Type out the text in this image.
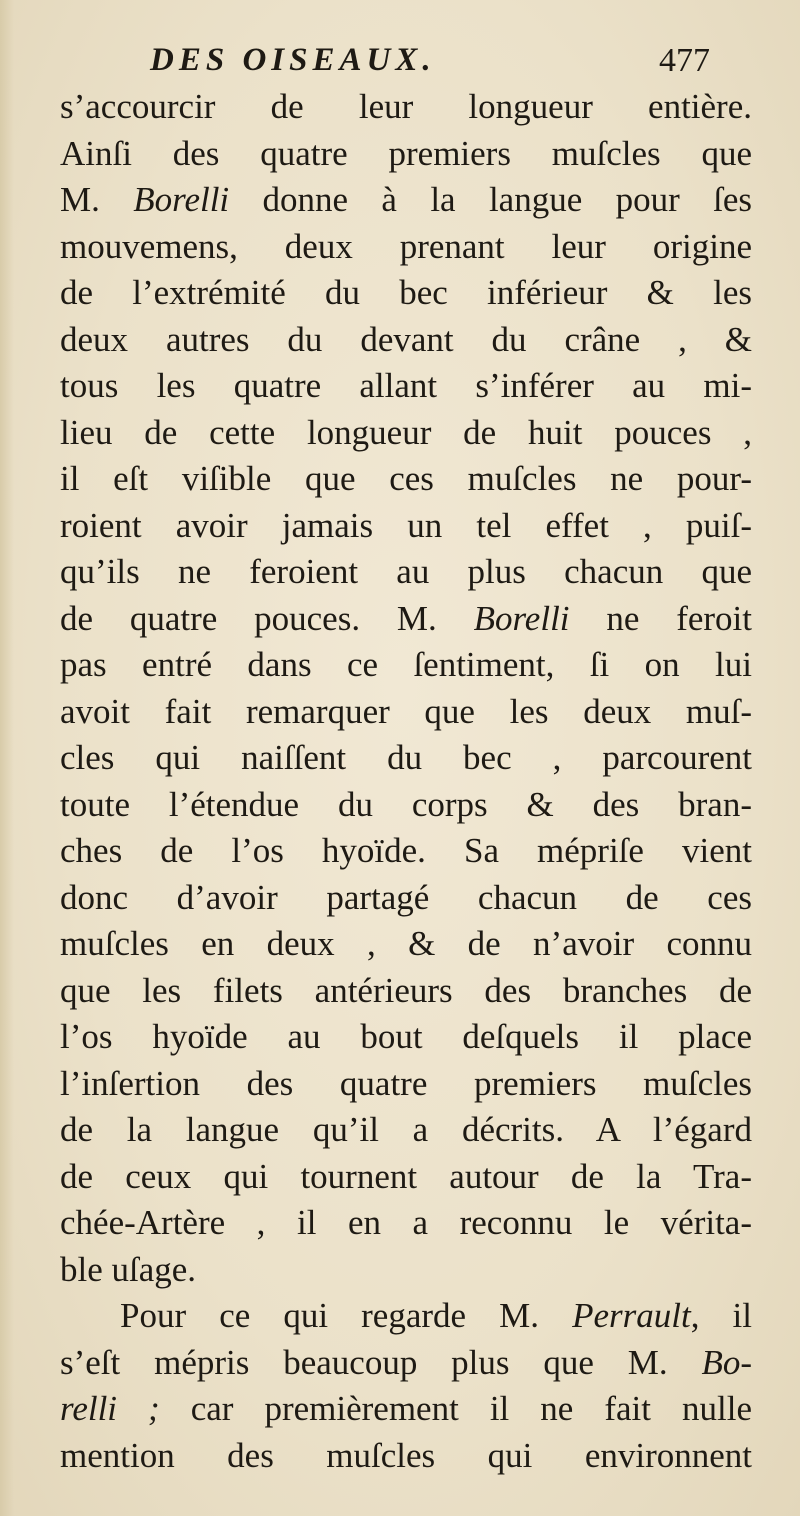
DES OISEAUX.	477
s’accourcir de leur longueur entière.
Ainſi des quatre premiers muſcles que
M. Borelli donne à la langue pour ſes
mouvemens, deux prenant leur origine
de l’extrémité du bec inférieur & les
deux autres du devant du crâne , &
tous les quatre allant s’inférer au mi-
lieu de cette longueur de huit pouces ,
il eſt viſible que ces muſcles ne pour-
roient avoir jamais un tel effet , puiſ-
qu’ils ne feroient au plus chacun que
de quatre pouces. M. Borelli ne feroit
pas entré dans ce ſentiment, ſi on lui
avoit fait remarquer que les deux muſ-
cles qui naiſſent du bec , parcourent
toute l’étendue du corps & des bran-
ches de l’os hyoïde. Sa mépriſe vient
donc d’avoir partagé chacun de ces
muſcles en deux , & de n’avoir connu
que les filets antérieurs des branches de
l’os hyoïde au bout deſquels il place
l’inſertion des quatre premiers muſcles
de la langue qu’il a décrits. A l’égard
de ceux qui tournent autour de la Tra-
chée-Artère , il en a reconnu le vérita-
ble uſage.
Pour ce qui regarde M. Perrault, il
s’eſt mépris beaucoup plus que M. Bo-
relli ; car premièrement il ne fait nulle
mention des muſcles qui environnent
